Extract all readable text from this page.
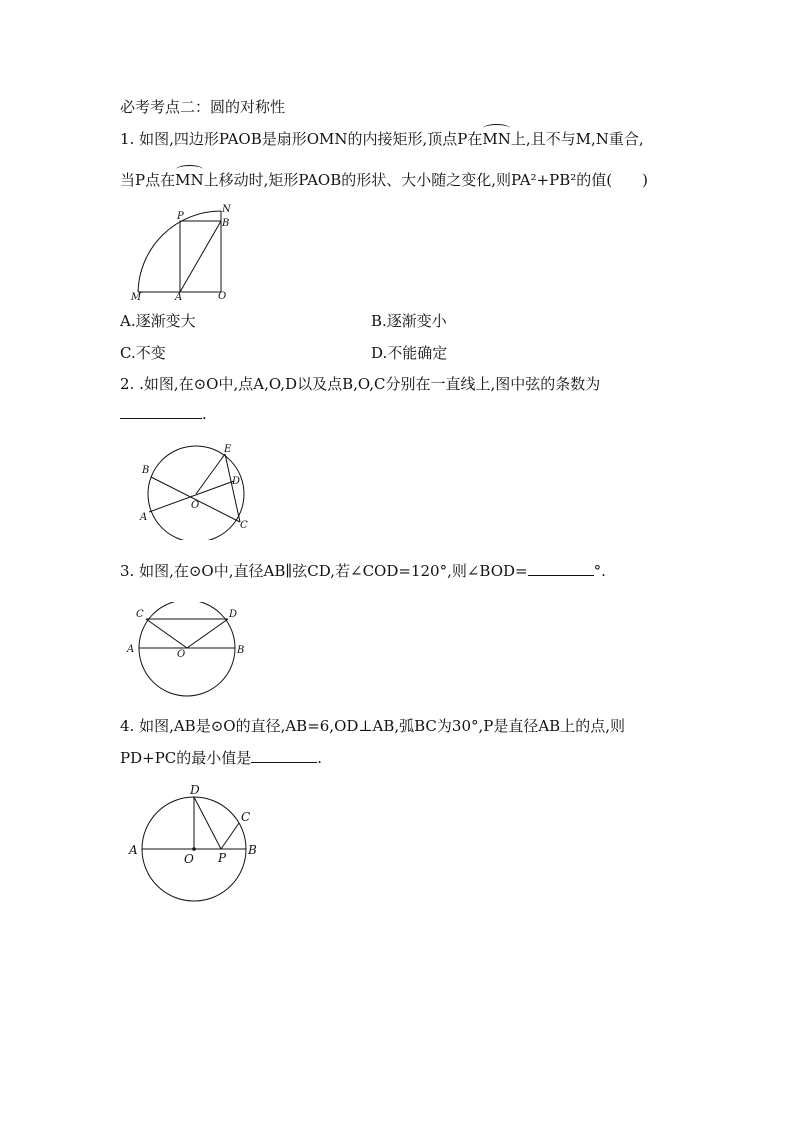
必考考点二：圆的对称性
1. 如图,四边形PAOB是扇形OMN的内接矩形,顶点P在MN上,且不与M,N重合,
当P点在MN上移动时,矩形PAOB的形状、大小随之变化,则PA²+PB²的值(　　)
P
N
B
M	A	O
A.逐渐变大	B.逐渐变小
C.不变	D.不能确定
2. .如图,在⊙O中,点A,O,D以及点B,O,C分别在一直线上,图中弦的条数为
.
B
E
D
O
A
C
3. 如图,在⊙O中,直径AB∥弦CD,若∠COD=120°,则∠BOD=	°.
C	D
A	O	B
4. 如图,AB是⊙O的直径,AB=6,OD⊥AB,弧BC为30°,P是直径AB上的点,则
PD+PC的最小值是	.
D
C
A
O P
B
